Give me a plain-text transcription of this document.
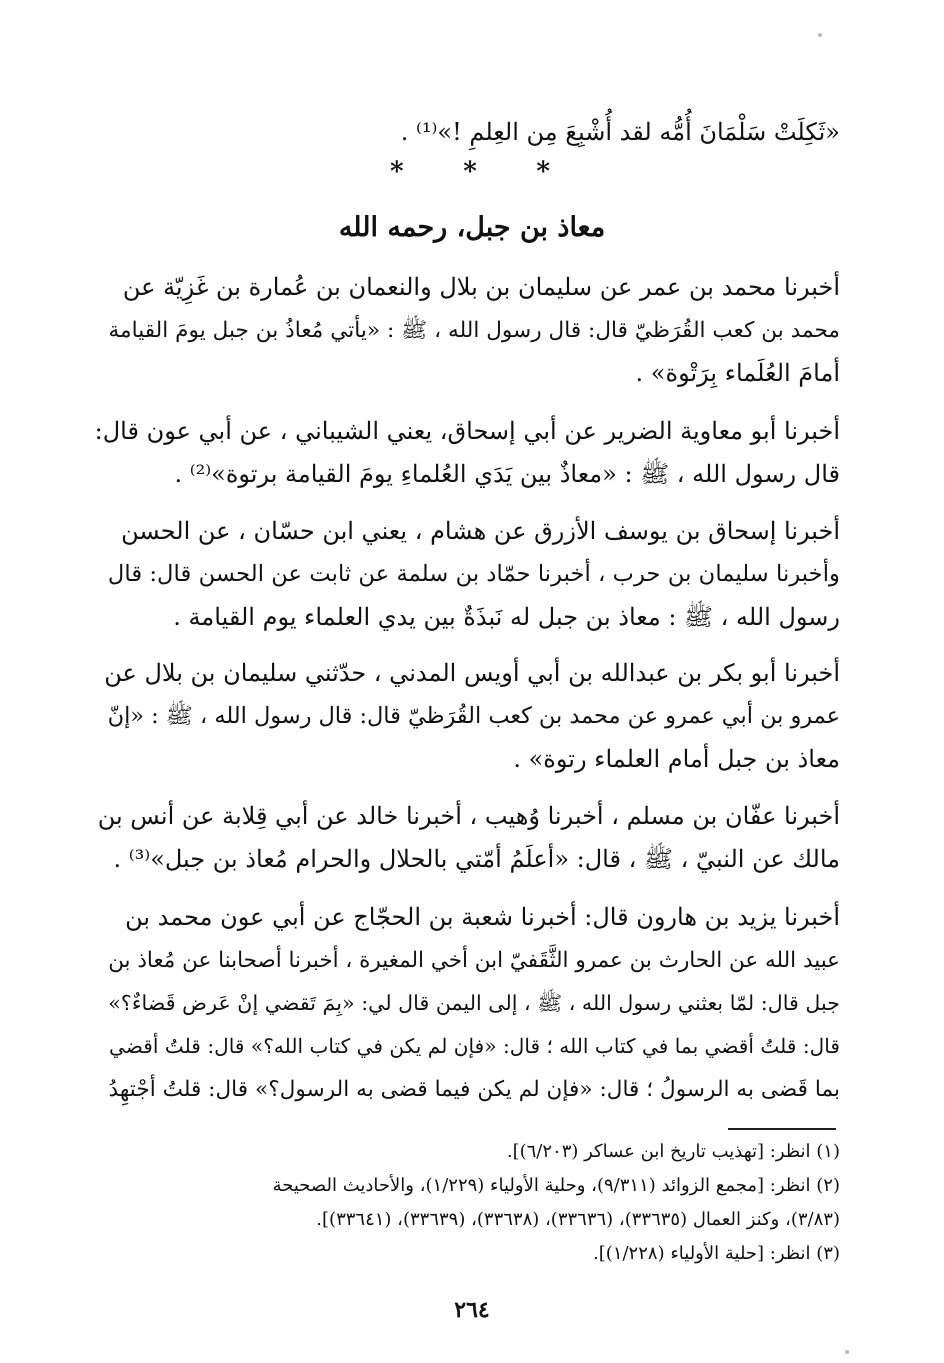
«ثَكِلَتْ سَلْمَانَ أُمُّه لقد أُشْبِعَ مِن العِلمِ !»⁽¹⁾ .
* * *
معاذ بن جبل، رحمه الله
أخبرنا محمد بن عمر عن سليمان بن بلال والنعمان بن عُمارة بن غَزِيّة عن
محمد بن كعب القُرَظيّ قال: قال رسول الله ، ﷺ : «يأتي مُعاذُ بن جبل يومَ القيامة
أمامَ العُلَماء بِرَتْوة» .
أخبرنا أبو معاوية الضرير عن أبي إسحاق، يعني الشيباني ، عن أبي عون قال:
قال رسول الله ، ﷺ : «معاذٌ بين يَدَي العُلماءِ يومَ القيامة برتوة»⁽²⁾ .
أخبرنا إسحاق بن يوسف الأزرق عن هشام ، يعني ابن حسّان ، عن الحسن
وأخبرنا سليمان بن حرب ، أخبرنا حمّاد بن سلمة عن ثابت عن الحسن قال: قال
رسول الله ، ﷺ : معاذ بن جبل له نَبذَةٌ بين يدي العلماء يوم القيامة .
أخبرنا أبو بكر بن عبدالله بن أبي أويس المدني ، حدّثني سليمان بن بلال عن
عمرو بن أبي عمرو عن محمد بن كعب القُرَظيّ قال: قال رسول الله ، ﷺ : «إنّ
معاذ بن جبل أمام العلماء رتوة» .
أخبرنا عفّان بن مسلم ، أخبرنا وُهيب ، أخبرنا خالد عن أبي قِلابة عن أنس بن
مالك عن النبيّ ، ﷺ ، قال: «أعلَمُ أمّتي بالحلال والحرام مُعاذ بن جبل»⁽³⁾ .
أخبرنا يزيد بن هارون قال: أخبرنا شعبة بن الحجّاج عن أبي عون محمد بن
عبيد الله عن الحارث بن عمرو الثَّقَفيّ ابن أخي المغيرة ، أخبرنا أصحابنا عن مُعاذ بن
جبل قال: لمّا بعثني رسول الله ، ﷺ ، إلى اليمن قال لي: «بِمَ تَقضي إنْ عَرض قَضاءٌ؟»
قال: قلتُ أقضي بما في كتاب الله ؛ قال: «فإن لم يكن في كتاب الله؟» قال: قلتُ أقضي
بما قَضى به الرسولُ ؛ قال: «فإن لم يكن فيما قضى به الرسول؟» قال: قلتُ أجْتهِدُ
(١) انظر: [تهذيب تاريخ ابن عساكر (٦/٢٠٣)].
(٢) انظر: [مجمع الزوائد (٩/٣١١)، وحلية الأولياء (١/٢٢٩)، والأحاديث الصحيحة
(٣/٨٣)، وكنز العمال (٣٣٦٣٥)، (٣٣٦٣٦)، (٣٣٦٣٨)، (٣٣٦٣٩)، (٣٣٦٤١)].
(٣) انظر: [حلية الأولياء (١/٢٢٨)].
٢٦٤
